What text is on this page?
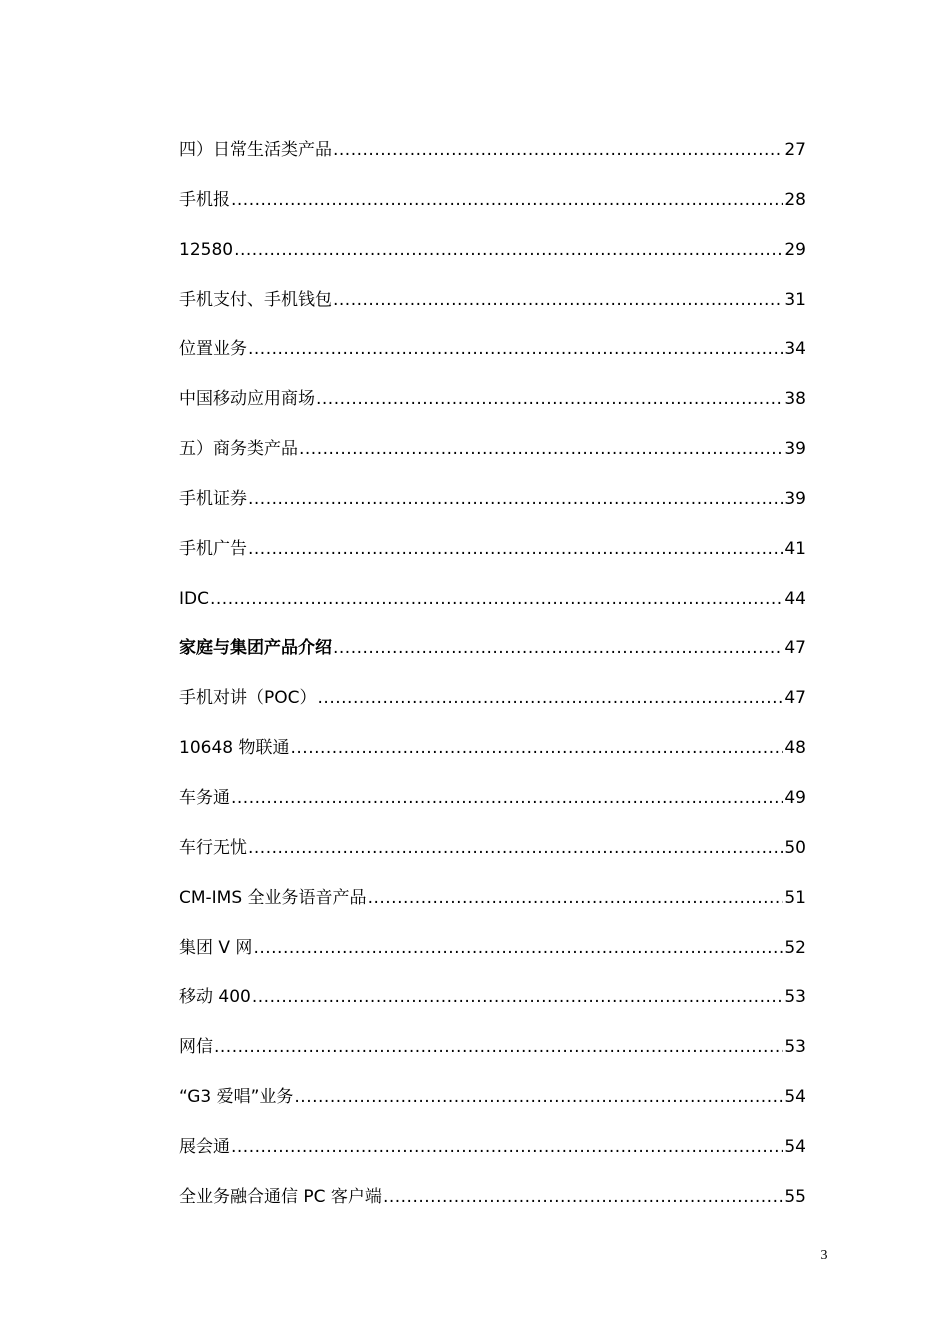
四）日常生活类产品 .....	27
手机报 .....	28
12580 .....	29
手机支付、手机钱包 .....	31
位置业务 .....	34
中国移动应用商场 .....	38
五）商务类产品 .....	39
手机证券 .....	39
手机广告 .....	41
IDC .....	44
家庭与集团产品介绍 .....	47
手机对讲（POC） .....	47
10648 物联通 .....	48
车务通 .....	49
车行无忧 .....	50
CM-IMS 全业务语音产品 .....	51
集团 V 网 .....	52
移动 400 .....	53
网信 .....	53
“G3 爱唱”业务 .....	54
展会通 .....	54
全业务融合通信 PC 客户端 .....	55
3
